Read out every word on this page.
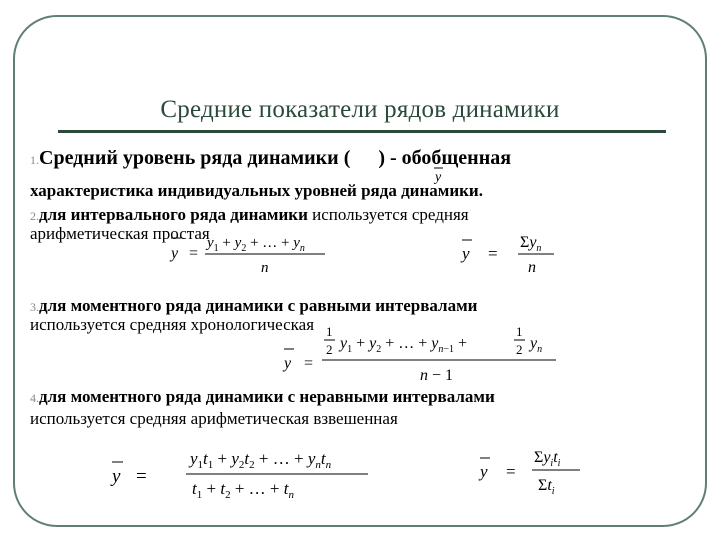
Средние показатели рядов динамики
1.Средний уровень ряда динамики ( ) - обобщенная
y
характеристика индивидуальных уровней ряда динамики.
2.для интервального ряда динамики используется средняя
арифметическая простая
y =
$y_1 + y_2$ + … + $y_n$
n
y =
$\Sigma y_n$
n
3.для моментного ряда динамики с равными интервалами
используется средняя хронологическая
y =
1
2 $y_1 + y_2$ + … + $y_{n-1}$ +
1
2 $y_n$
n − 1
4.для моментного ряда динамики с неравными интервалами
используется средняя арифметическая взвешенная
y =
$y_1t_1 + y_2t_2$ + … + $y_nt_n$
$t_1 + t_2$ + … + $t_n$
y =
$\Sigma y_it_i$
$\Sigma t_i$
